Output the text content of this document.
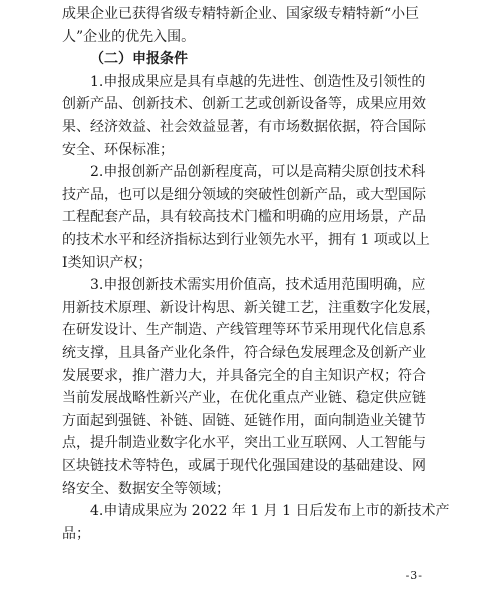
成果企业已获得省级专精特新企业、国家级专精特新“小巨
人”企业的优先入围。
（二）申报条件
1.申报成果应是具有卓越的先进性、创造性及引领性的
创新产品、创新技术、创新工艺或创新设备等，成果应用效
果、经济效益、社会效益显著，有市场数据依据，符合国际
安全、环保标准；
2.申报创新产品创新程度高，可以是高精尖原创技术科
技产品，也可以是细分领域的突破性创新产品，或大型国际
工程配套产品，具有较高技术门槛和明确的应用场景，产品
的技术水平和经济指标达到行业领先水平，拥有 1 项或以上
I类知识产权；
3.申报创新技术需实用价值高，技术适用范围明确，应
用新技术原理、新设计构思、新关键工艺，注重数字化发展，
在研发设计、生产制造、产线管理等环节采用现代化信息系
统支撑，且具备产业化条件，符合绿色发展理念及创新产业
发展要求，推广潜力大，并具备完全的自主知识产权；符合
当前发展战略性新兴产业，在优化重点产业链、稳定供应链
方面起到强链、补链、固链、延链作用，面向制造业关键节
点，提升制造业数字化水平，突出工业互联网、人工智能与
区块链技术等特色，或属于现代化强国建设的基础建设、网
络安全、数据安全等领域；
4.申请成果应为 2022 年 1 月 1 日后发布上市的新技术产
品；
-3-
